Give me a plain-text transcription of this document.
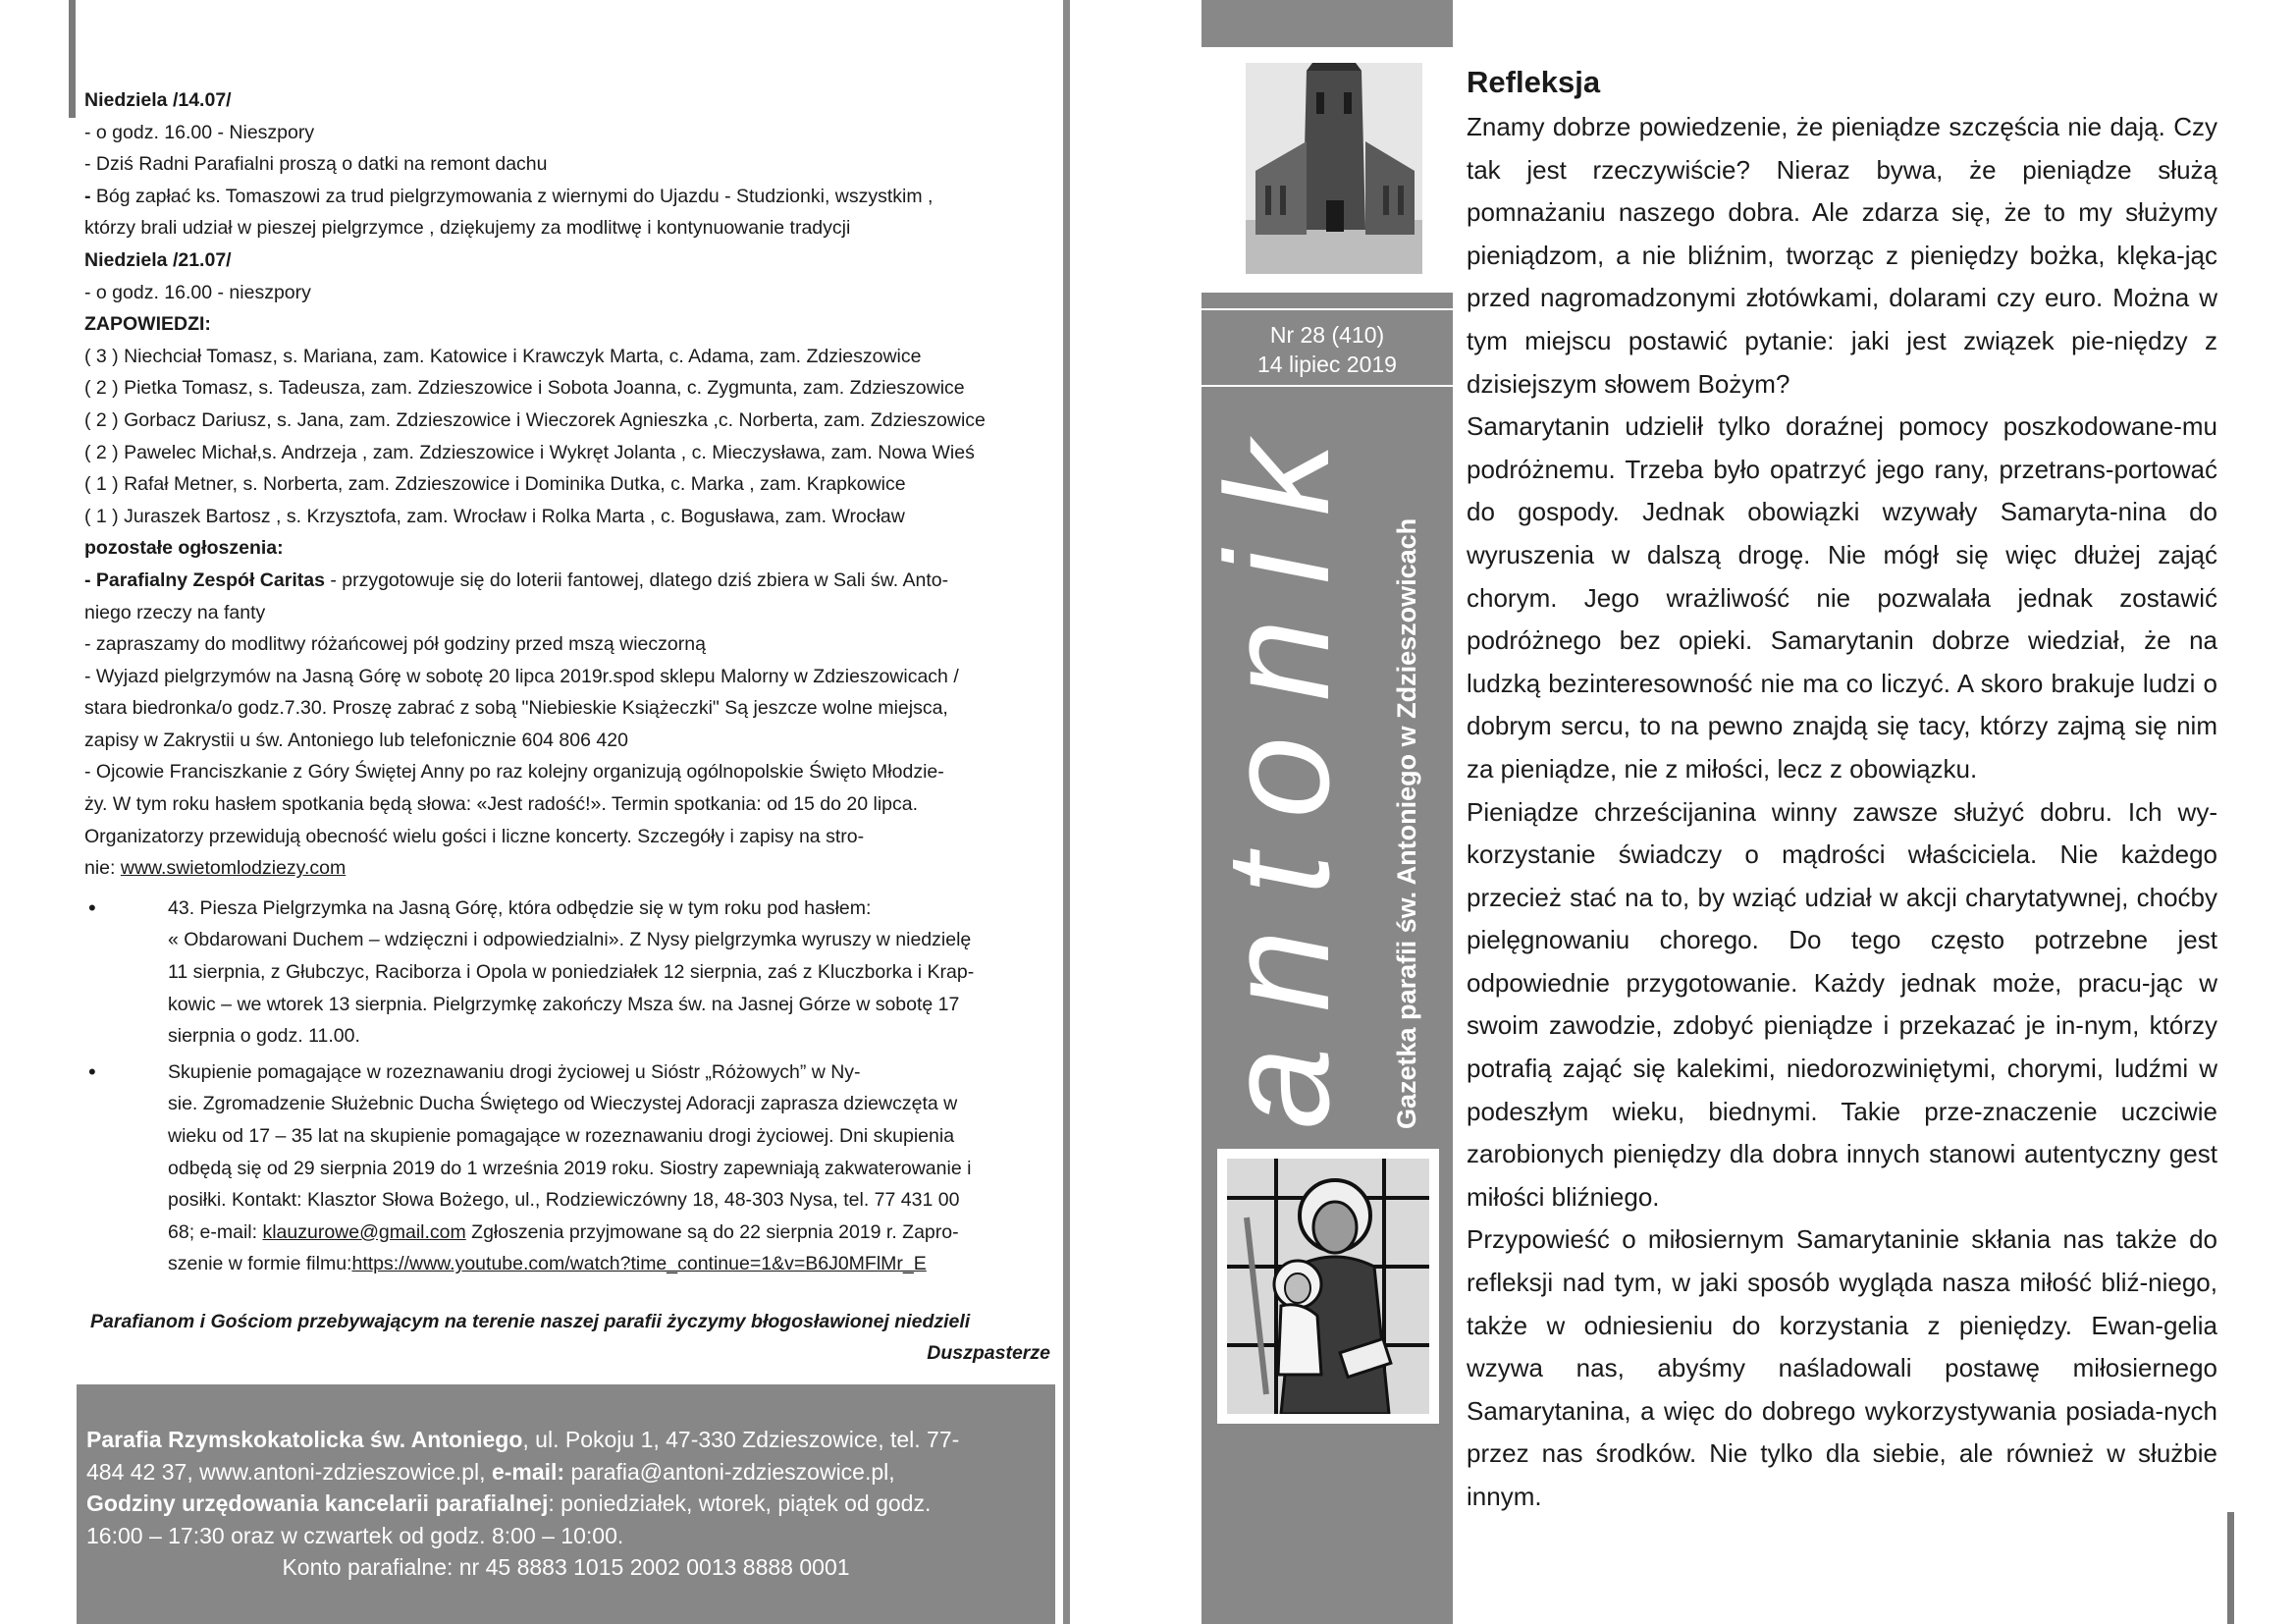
Niedziela /14.07/

- o godz. 16.00 - Nieszpory

- Dziś Radni Parafialni proszą o datki na remont dachu

- Bóg zapłać ks. Tomaszowi za trud pielgrzymowania z wiernymi do Ujazdu - Studzionki, wszystkim ,

którzy brali udział w pieszej pielgrzymce , dziękujemy za modlitwę i kontynuowanie tradycji

Niedziela /21.07/

- o godz. 16.00 - nieszpory

ZAPOWIEDZI:

( 3 ) Niechciał Tomasz, s. Mariana, zam. Katowice i Krawczyk Marta, c. Adama, zam. Zdzieszowice

( 2 ) Pietka Tomasz, s. Tadeusza, zam. Zdzieszowice i Sobota Joanna, c. Zygmunta, zam. Zdzieszowice

( 2 ) Gorbacz Dariusz, s. Jana, zam. Zdzieszowice i Wieczorek Agnieszka ,c. Norberta, zam. Zdzieszowice

( 2 ) Pawelec Michał,s. Andrzeja , zam. Zdzieszowice i Wykręt Jolanta , c. Mieczysława, zam. Nowa Wieś

( 1 ) Rafał Metner, s. Norberta, zam. Zdzieszowice i Dominika Dutka, c. Marka , zam. Krapkowice

( 1 ) Juraszek Bartosz , s. Krzysztofa, zam. Wrocław i Rolka Marta , c. Bogusława, zam. Wrocław

pozostałe ogłoszenia:

- Parafialny Zespół Caritas - przygotowuje się do loterii fantowej, dlatego dziś zbiera w Sali św. Anto-

niego rzeczy na fanty

- zapraszamy do modlitwy różańcowej pół godziny przed mszą wieczorną

- Wyjazd pielgrzymów na Jasną Górę w sobotę 20 lipca 2019r.spod sklepu Malorny w Zdzieszowicach /

stara biedronka/o godz.7.30. Proszę zabrać z sobą "Niebieskie Książeczki" Są jeszcze wolne miejsca,

zapisy w Zakrystii u św. Antoniego lub telefonicznie 604 806 420

- Ojcowie Franciszkanie z Góry Świętej Anny po raz kolejny organizują ogólnopolskie Święto Młodzie-

ży. W tym roku hasłem spotkania będą słowa: «Jest radość!». Termin spotkania: od 15 do 20 lipca.

Organizatorzy przewidują obecność wielu gości i liczne koncerty. Szczegóły i zapisy na stro-

nie: www.swietomlodziezy.com

•	43. Piesza Pielgrzymka na Jasną Górę, która odbędzie się w tym roku pod hasłem:

« Obdarowani Duchem – wdzięczni i odpowiedzialni». Z Nysy pielgrzymka wyruszy w niedzielę

11 sierpnia, z Głubczyc, Raciborza i Opola w poniedziałek 12 sierpnia, zaś z Kluczborka i Krap-

kowic – we wtorek 13 sierpnia. Pielgrzymkę zakończy Msza św. na Jasnej Górze w sobotę 17

sierpnia o godz. 11.00.

•	Skupienie pomagające w rozeznawaniu drogi życiowej u Sióstr „Różowych” w Ny-

sie. Zgromadzenie Służebnic Ducha Świętego od Wieczystej Adoracji zaprasza dziewczęta w

wieku od 17 – 35 lat na skupienie pomagające w rozeznawaniu drogi życiowej. Dni skupienia

odbędą się od 29 sierpnia 2019 do 1 września 2019 roku. Siostry zapewniają zakwaterowanie i

posiłki. Kontakt: Klasztor Słowa Bożego, ul., Rodziewiczówny 18, 48-303 Nysa, tel. 77 431 00

68; e-mail: klauzurowe@gmail.com Zgłoszenia przyjmowane są do 22 sierpnia 2019 r. Zapro-

szenie w formie filmu:https://www.youtube.com/watch?time_continue=1&v=B6J0MFlMr_E

Parafianom i Gościom przebywającym na terenie naszej parafii życzymy błogosławionej niedzieli
Duszpasterze

Parafia Rzymskokatolicka św. Antoniego, ul. Pokoju 1, 47-330 Zdzieszowice, tel. 77-

484 42 37, www.antoni-zdzieszowice.pl, e-mail: parafia@antoni-zdzieszowice.pl,

Godziny urzędowania kancelarii parafialnej: poniedziałek, wtorek, piątek od godz.

16:00 – 17:30 oraz w czwartek od godz. 8:00 – 10:00.

Konto parafialne: nr 45 8883 1015 2002 0013 8888 0001

Nr 28 (410)
14 lipiec 2019
antonik Gazetka parafii św. Antoniego w Zdzieszowicach
Refleksja

Znamy dobrze powiedzenie, że pieniądze szczęścia nie dają. Czy tak jest rzeczywiście? Nieraz bywa, że pieniądze służą pomnażaniu naszego dobra. Ale zdarza się, że to my służymy pieniądzom, a nie bliźnim, tworząc z pieniędzy bożka, klęka-jąc przed nagromadzonymi złotówkami, dolarami czy euro. Można w tym miejscu postawić pytanie: jaki jest związek pie-niędzy z dzisiejszym słowem Bożym?

Samarytanin udzielił tylko doraźnej pomocy poszkodowane-mu podróżnemu. Trzeba było opatrzyć jego rany, przetrans-portować do gospody. Jednak obowiązki wzywały Samaryta-nina do wyruszenia w dalszą drogę. Nie mógł się więc dłużej zająć chorym. Jego wrażliwość nie pozwalała jednak zostawić podróżnego bez opieki. Samarytanin dobrze wiedział, że na ludzką bezinteresowność nie ma co liczyć. A skoro brakuje ludzi o dobrym sercu, to na pewno znajdą się tacy, którzy zajmą się nim za pieniądze, nie z miłości, lecz z obowiązku.

Pieniądze chrześcijanina winny zawsze służyć dobru. Ich wy-korzystanie świadczy o mądrości właściciela. Nie każdego przecież stać na to, by wziąć udział w akcji charytatywnej, choćby pielęgnowaniu chorego. Do tego często potrzebne jest odpowiednie przygotowanie. Każdy jednak może, pracu-jąc w swoim zawodzie, zdobyć pieniądze i przekazać je in-nym, którzy potrafią zająć się kalekimi, niedorozwiniętymi, chorymi, ludźmi w podeszłym wieku, biednymi. Takie prze-znaczenie uczciwie zarobionych pieniędzy dla dobra innych stanowi autentyczny gest miłości bliźniego.

Przypowieść o miłosiernym Samarytaninie skłania nas także do refleksji nad tym, w jaki sposób wygląda nasza miłość bliź-niego, także w odniesieniu do korzystania z pieniędzy. Ewan-gelia wzywa nas, abyśmy naśladowali postawę miłosiernego Samarytanina, a więc do dobrego wykorzystywania posiada-nych przez nas środków. Nie tylko dla siebie, ale również w służbie innym.
